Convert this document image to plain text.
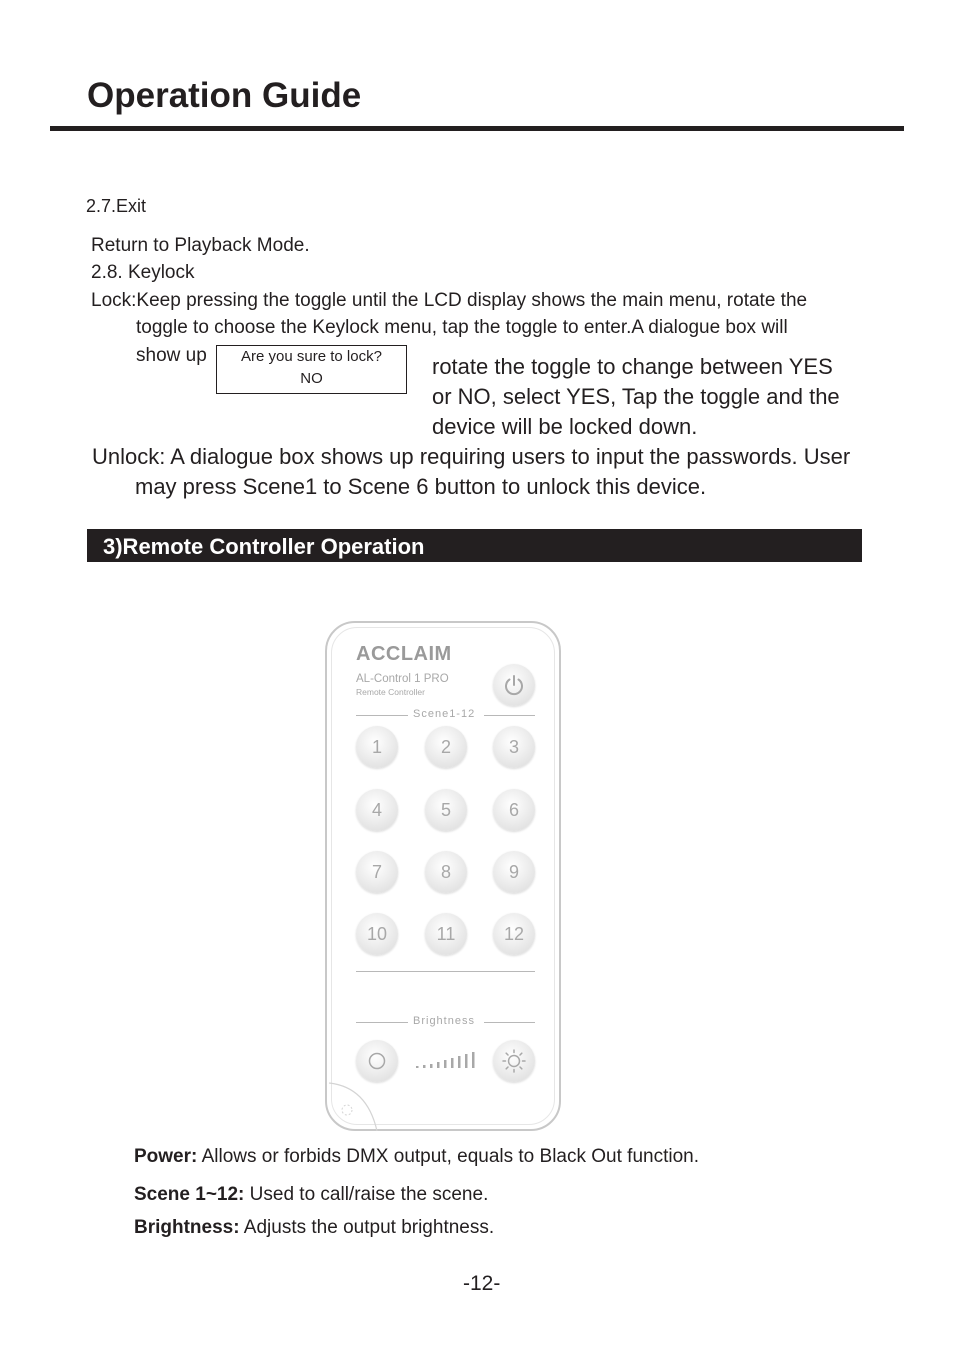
Operation Guide
2.7.Exit
Return to Playback Mode.
2.8. Keylock
Lock:Keep pressing the toggle until the LCD display shows the main menu, rotate the
toggle to choose the Keylock menu, tap the toggle to enter.A dialogue box will
show up	Are you sure to lock?
NO	rotate the toggle to change between YES
or NO, select YES, Tap the toggle and the
device will be locked down.
Unlock: A dialogue box shows up requiring users to input the passwords. User
may press Scene1 to Scene 6 button to unlock this device.
3)Remote Controller Operation
ACCLAIM
AL-Control 1 PRO
Remote Controller
Scene1-12
1	2	3
4	5	6
7	8	9
10	11	12
Brightness
Power: Allows or forbids DMX output, equals to Black Out function.
Scene 1~12: Used to call/raise the scene.
Brightness: Adjusts the output brightness.
-12-
